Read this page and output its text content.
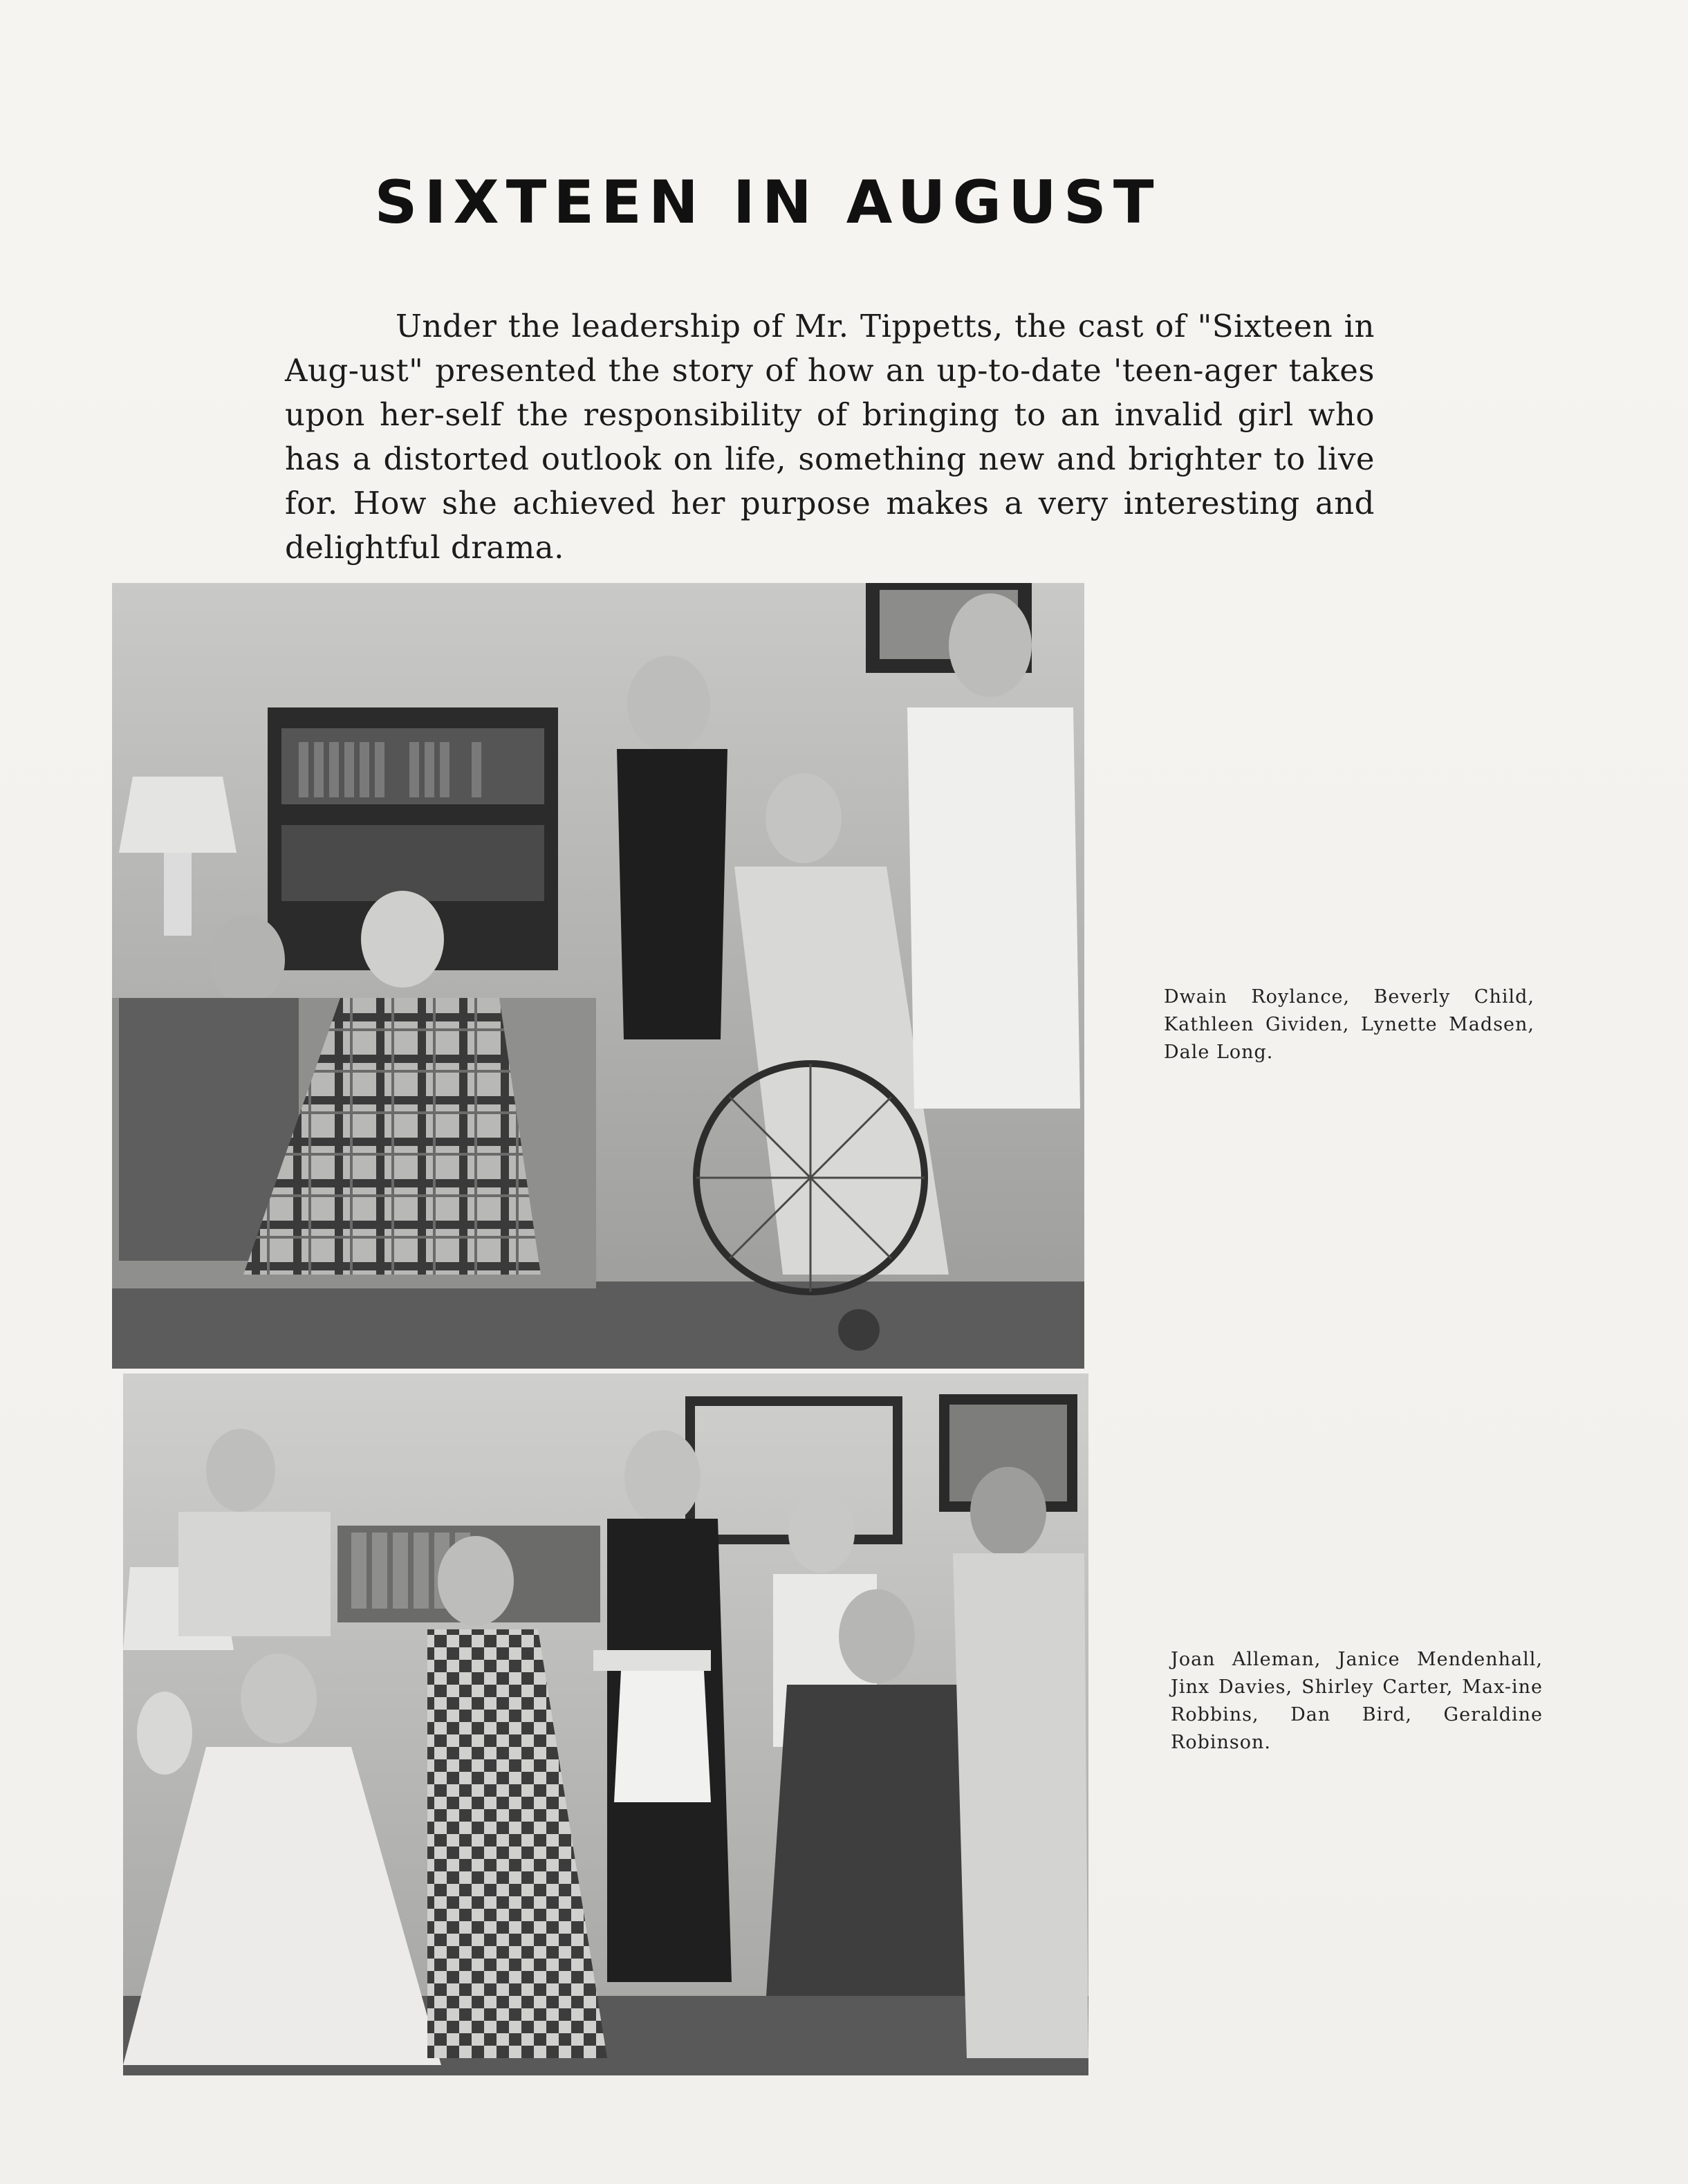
SIXTEEN IN AUGUST

Under the leadership of Mr. Tippetts, the cast of "Sixteen in Aug-ust" presented the story of how an up-to-date 'teen-ager takes upon her-self the responsibility of bringing to an invalid girl who has a distorted outlook on life, something new and brighter to live for. How she achieved her purpose makes a very interesting and delightful drama.

Dwain Roylance, Beverly Child, Kathleen Gividen, Lynette Madsen, Dale Long.

Joan Alleman, Janice Mendenhall, Jinx Davies, Shirley Carter, Max-ine Robbins, Dan Bird, Geraldine Robinson.
